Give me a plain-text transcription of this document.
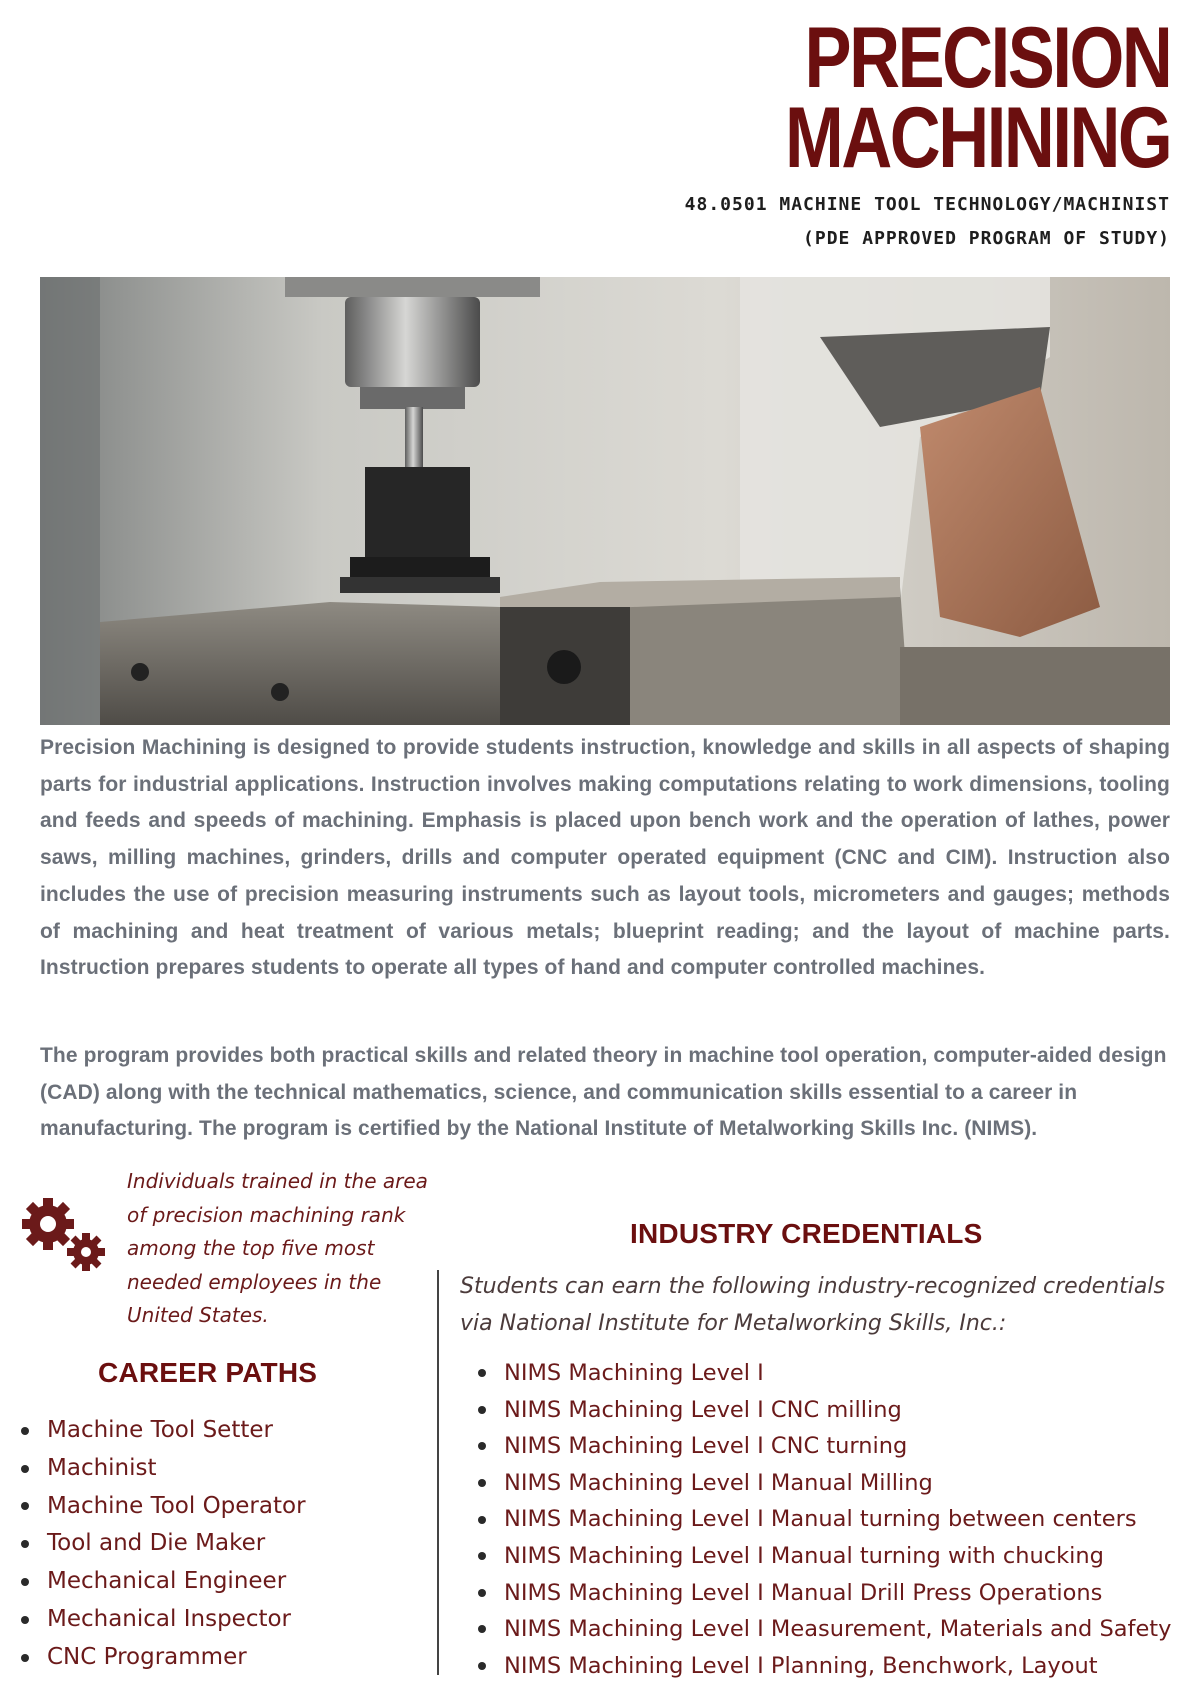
PRECISION
MACHINING
48.0501 MACHINE TOOL TECHNOLOGY/MACHINIST
(PDE APPROVED PROGRAM OF STUDY)

Precision Machining is designed to provide students instruction, knowledge and skills in all aspects of shaping parts for industrial applications. Instruction involves making computations relating to work dimensions, tooling and feeds and speeds of machining. Emphasis is placed upon bench work and the operation of lathes, power saws, milling machines, grinders, drills and computer operated equipment (CNC and CIM). Instruction also includes the use of precision measuring instruments such as layout tools, micrometers and gauges; methods of machining and heat treatment of various metals; blueprint reading; and the layout of machine parts. Instruction prepares students to operate all types of hand and computer controlled machines.

The program provides both practical skills and related theory in machine tool operation, computer-aided design (CAD) along with the technical mathematics, science, and communication skills essential to a career in manufacturing. The program is certified by the National Institute of Metalworking Skills Inc. (NIMS).

Individuals trained in the area of precision machining rank among the top five most needed employees in the United States.

CAREER PATHS
Machine Tool Setter
Machinist
Machine Tool Operator
Tool and Die Maker
Mechanical Engineer
Mechanical Inspector
CNC Programmer
INDUSTRY CREDENTIALS

Students can earn the following industry-recognized credentials via National Institute for Metalworking Skills, Inc.:

NIMS Machining Level I
NIMS Machining Level I CNC milling
NIMS Machining Level I CNC turning
NIMS Machining Level I Manual Milling
NIMS Machining Level I Manual turning between centers
NIMS Machining Level I Manual turning with chucking
NIMS Machining Level I Manual Drill Press Operations
NIMS Machining Level I Measurement, Materials and Safety
NIMS Machining Level I Planning, Benchwork, Layout
